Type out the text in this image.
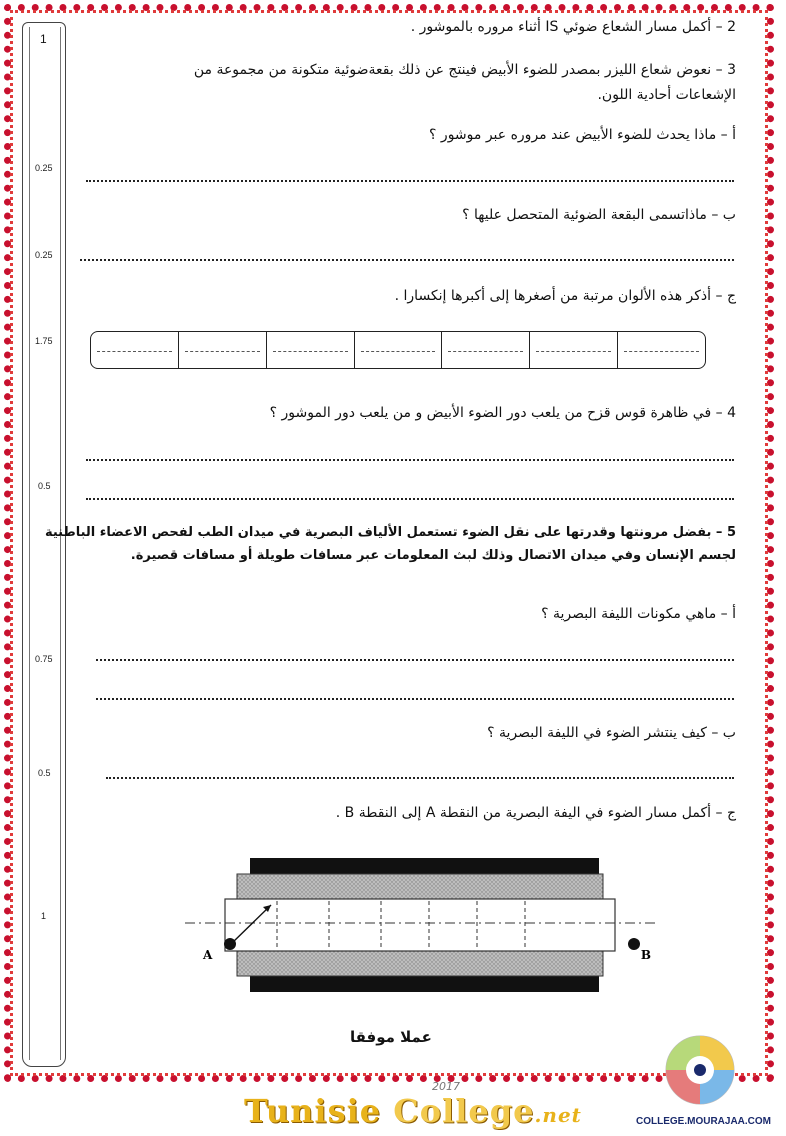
1
0.25
0.25
1.75
0.5
0.75
0.5
1
2 – أكمل مسار الشعاع ضوئي IS أثناء مروره بالموشور .
3 – نعوض شعاع الليزر بمصدر للضوء الأبيض فينتج عن ذلك بقعةضوئية متكونة من مجموعة من
الإشعاعات أحادية اللون.
أ – ماذا يحدث للضوء الأبيض عند مروره عبر موشور ؟
ب – ماذاتسمى البقعة الضوئية المتحصل عليها ؟
ج – أذكر هذه الألوان مرتبة من أصغرها إلى أكبرها إنكسارا .
4 – في ظاهرة قوس قزح من يلعب دور الضوء الأبيض و من يلعب دور الموشور ؟
5 – بفضل مرونتها وقدرتها على نقل الضوء تستعمل الألياف البصرية في ميدان الطب لفحص الاعضاء الباطنية
لجسم الإنسان وفي ميدان الاتصال وذلك لبث المعلومات عبر مسافات طويلة أو مسافات قصيرة.
أ – ماهي مكونات الليفة البصرية ؟
ب – كيف ينتشر الضوء في الليفة البصرية ؟
ج – أكمل مسار الضوء في اليفة البصرية من النقطة A إلى النقطة B .
A	B
عملا موفقا
2017
Tunisie College.net	COLLEGE.MOURAJAA.COM
